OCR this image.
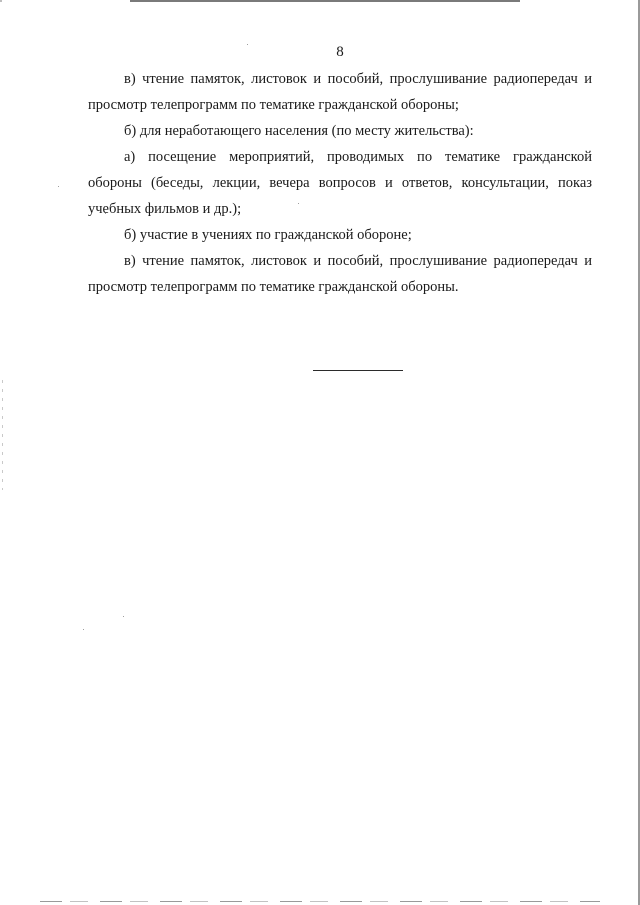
8

в) чтение памяток, листовок и пособий, прослушивание радиопередач и просмотр телепрограмм по тематике гражданской обороны;

б) для неработающего населения (по месту жительства):

а) посещение мероприятий, проводимых по тематике гражданской обороны (беседы, лекции, вечера вопросов и ответов, консультации, показ учебных фильмов и др.);

б) участие в учениях по гражданской обороне;

в) чтение памяток, листовок и пособий, прослушивание радиопередач и просмотр телепрограмм по тематике гражданской обороны.
